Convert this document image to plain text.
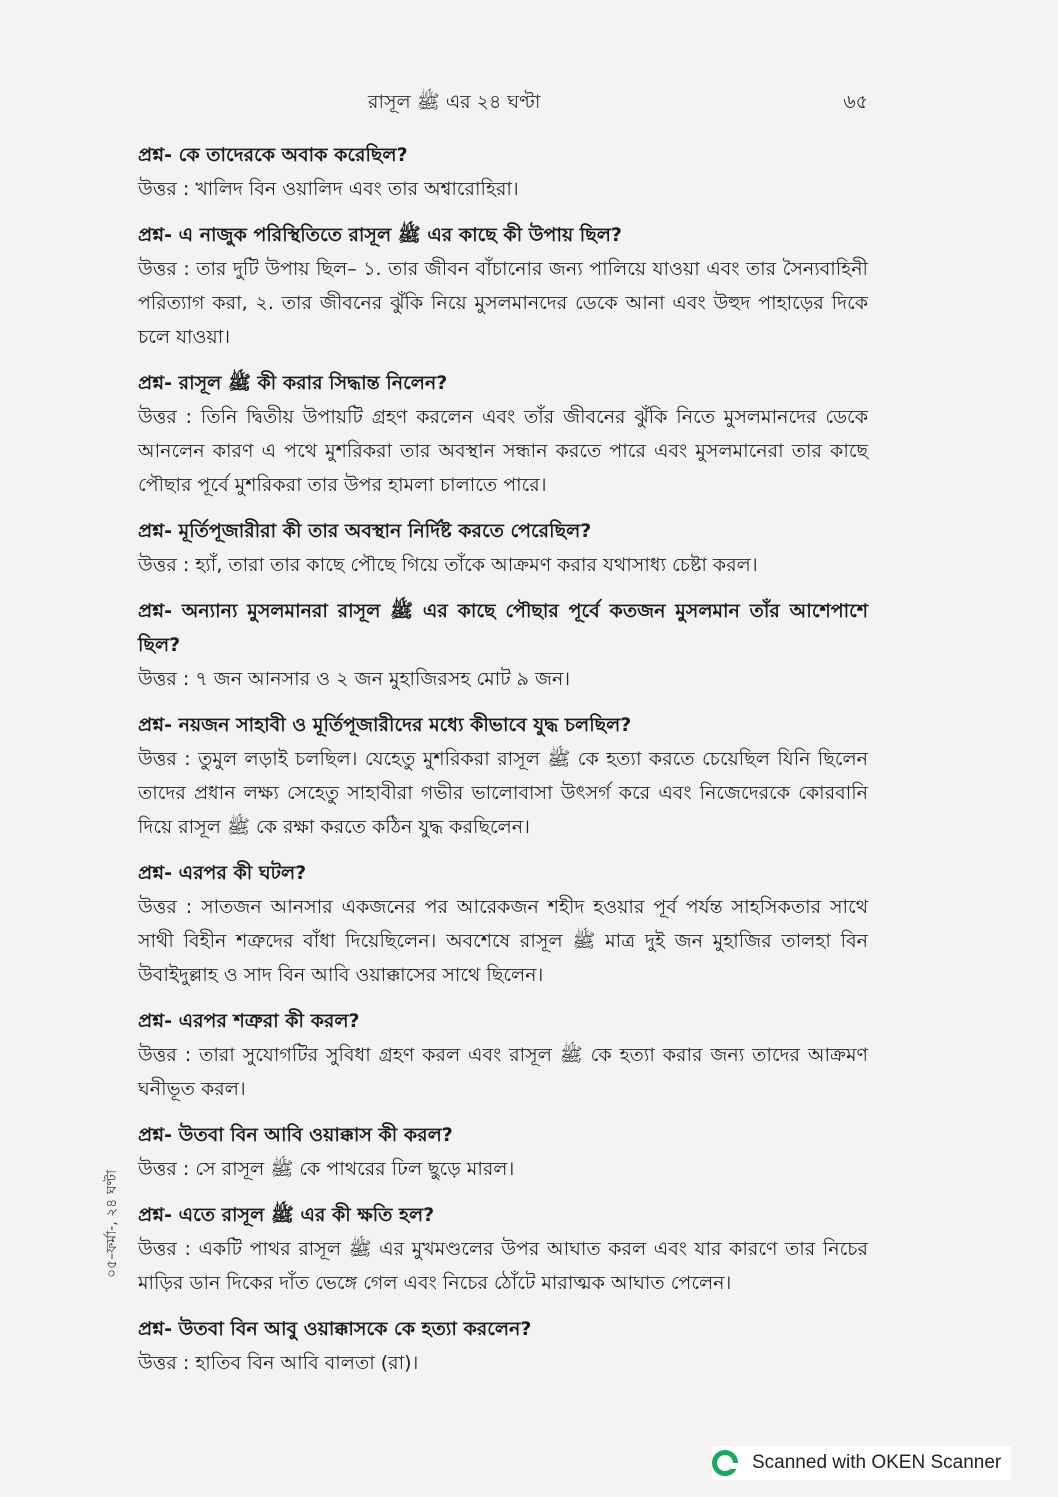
রাসূল ﷺ এর ২৪ ঘণ্টা	৬৫

প্রশ্ন- কে তাদেরকে অবাক করেছিল?

উত্তর : খালিদ বিন ওয়ালিদ এবং তার অশ্বারোহিরা।

প্রশ্ন- এ নাজুক পরিস্থিতিতে রাসূল ﷺ এর কাছে কী উপায় ছিল?

উত্তর : তার দুটি উপায় ছিল– ১. তার জীবন বাঁচানোর জন্য পালিয়ে যাওয়া এবং তার সৈন্যবাহিনী পরিত্যাগ করা, ২. তার জীবনের ঝুঁকি নিয়ে মুসলমানদের ডেকে আনা এবং উহুদ পাহাড়ের দিকে চলে যাওয়া।

প্রশ্ন- রাসূল ﷺ কী করার সিদ্ধান্ত নিলেন?

উত্তর : তিনি দ্বিতীয় উপায়টি গ্রহণ করলেন এবং তাঁর জীবনের ঝুঁকি নিতে মুসলমানদের ডেকে আনলেন কারণ এ পথে মুশরিকরা তার অবস্থান সন্ধান করতে পারে এবং মুসলমানেরা তার কাছে পৌছার পূর্বে মুশরিকরা তার উপর হামলা চালাতে পারে।

প্রশ্ন- মূর্তিপূজারীরা কী তার অবস্থান নির্দিষ্ট করতে পেরেছিল?

উত্তর : হ্যাঁ, তারা তার কাছে পৌছে গিয়ে তাঁকে আক্রমণ করার যথাসাধ্য চেষ্টা করল।

প্রশ্ন- অন্যান্য মুসলমানরা রাসূল ﷺ এর কাছে পৌছার পূর্বে কতজন মুসলমান তাঁর আশেপাশে ছিল?

উত্তর : ৭ জন আনসার ও ২ জন মুহাজিরসহ মোট ৯ জন।

প্রশ্ন- নয়জন সাহাবী ও মূর্তিপূজারীদের মধ্যে কীভাবে যুদ্ধ চলছিল?

উত্তর : তুমুল লড়াই চলছিল। যেহেতু মুশরিকরা রাসূল ﷺ কে হত্যা করতে চেয়েছিল যিনি ছিলেন তাদের প্রধান লক্ষ্য সেহেতু সাহাবীরা গভীর ভালোবাসা উৎসর্গ করে এবং নিজেদেরকে কোরবানি দিয়ে রাসূল ﷺ কে রক্ষা করতে কঠিন যুদ্ধ করছিলেন।

প্রশ্ন- এরপর কী ঘটল?

উত্তর : সাতজন আনসার একজনের পর আরেকজন শহীদ হওয়ার পূর্ব পর্যন্ত সাহসিকতার সাথে সাথী বিহীন শত্রুদের বাঁধা দিয়েছিলেন। অবশেষে রাসূল ﷺ মাত্র দুই জন মুহাজির তালহা বিন উবাইদুল্লাহ ও সাদ বিন আবি ওয়াক্কাসের সাথে ছিলেন।

প্রশ্ন- এরপর শত্রুরা কী করল?

উত্তর : তারা সুযোগটির সুবিধা গ্রহণ করল এবং রাসূল ﷺ কে হত্যা করার জন্য তাদের আক্রমণ ঘনীভূত করল।

প্রশ্ন- উতবা বিন আবি ওয়াক্কাস কী করল?

উত্তর : সে রাসূল ﷺ কে পাথরের ঢিল ছুড়ে মারল।

প্রশ্ন- এতে রাসূল ﷺ এর কী ক্ষতি হল?

উত্তর : একটি পাথর রাসূল ﷺ এর মুখমণ্ডলের উপর আঘাত করল এবং যার কারণে তার নিচের মাড়ির ডান দিকের দাঁত ভেঙ্গে গেল এবং নিচের ঠোঁটে মারাত্মক আঘাত পেলেন।

প্রশ্ন- উতবা বিন আবু ওয়াক্কাসকে কে হত্যা করলেন?

উত্তর : হাতিব বিন আবি বালতা (রা)।

০৫–ফর্মা-, ২৪ ঘণ্টা
Scanned with OKEN Scanner
